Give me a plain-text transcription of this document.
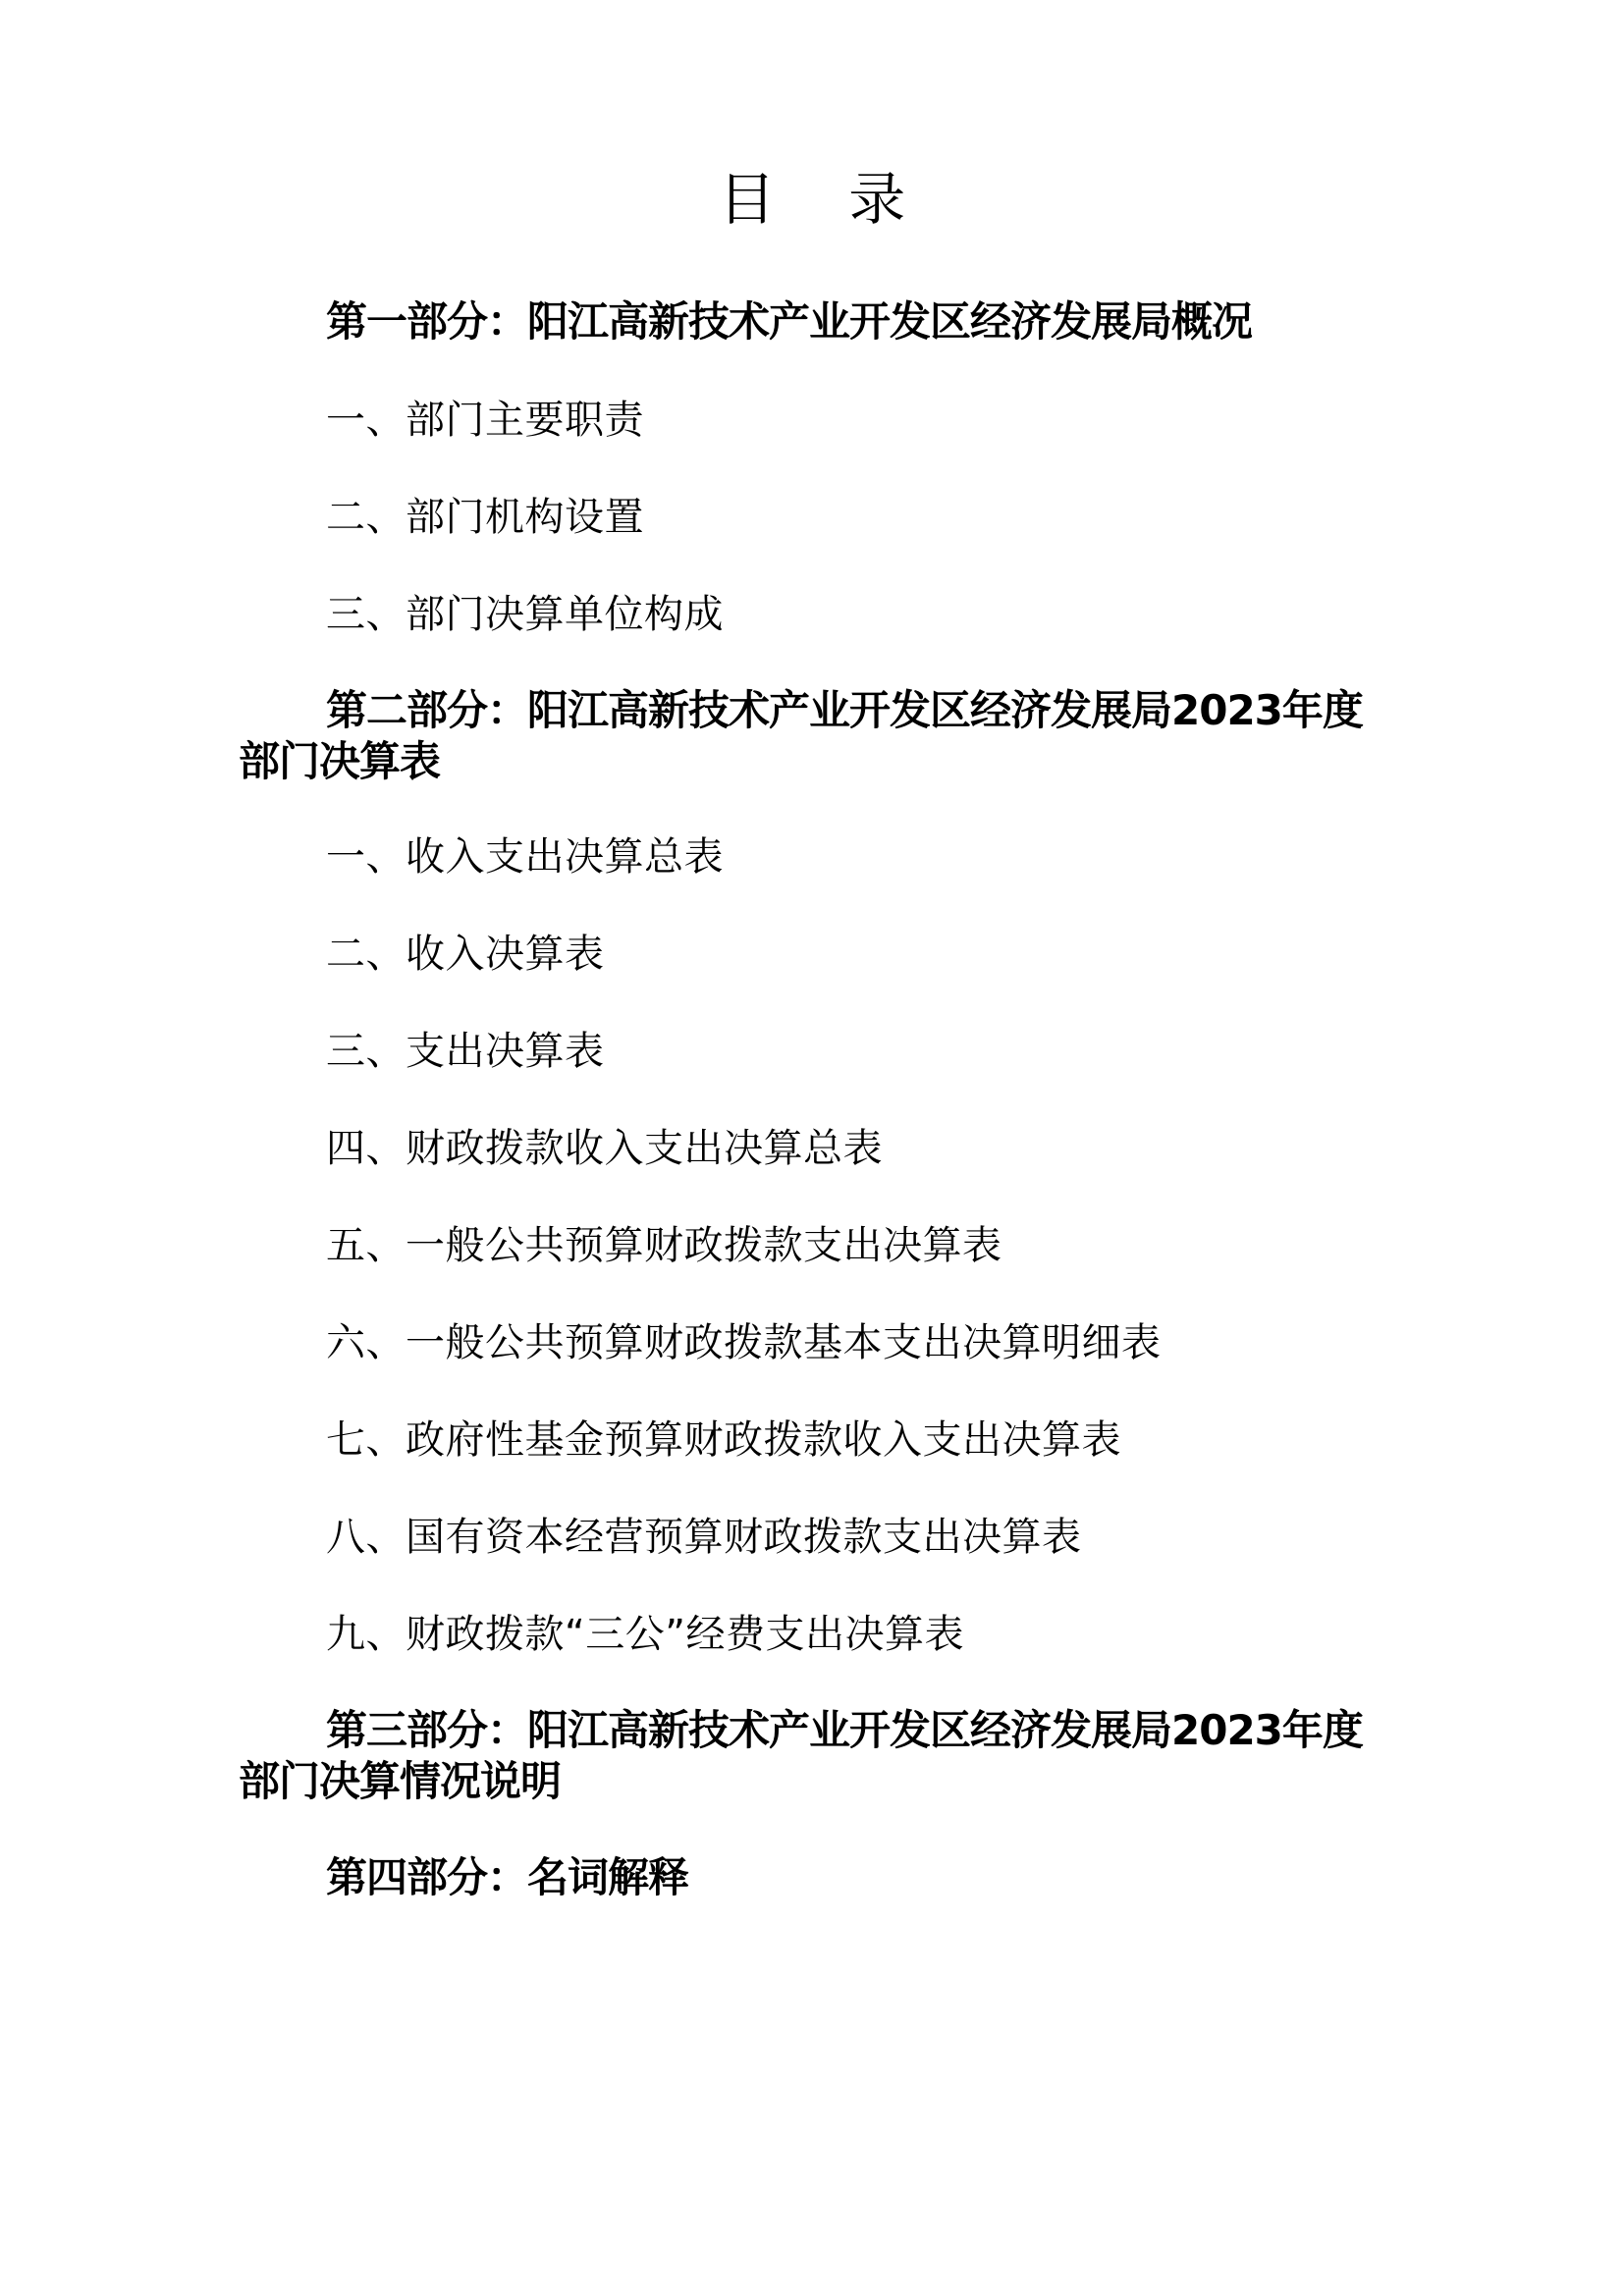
目 录

第一部分：阳江高新技术产业开发区经济发展局概况

一、部门主要职责

二、部门机构设置

三、部门决算单位构成

第二部分：阳江高新技术产业开发区经济发展局2023年度部门决算表

一、收入支出决算总表

二、收入决算表

三、支出决算表

四、财政拨款收入支出决算总表

五、一般公共预算财政拨款支出决算表

六、一般公共预算财政拨款基本支出决算明细表

七、政府性基金预算财政拨款收入支出决算表

八、国有资本经营预算财政拨款支出决算表

九、财政拨款“三公”经费支出决算表

第三部分：阳江高新技术产业开发区经济发展局2023年度部门决算情况说明

第四部分：名词解释
